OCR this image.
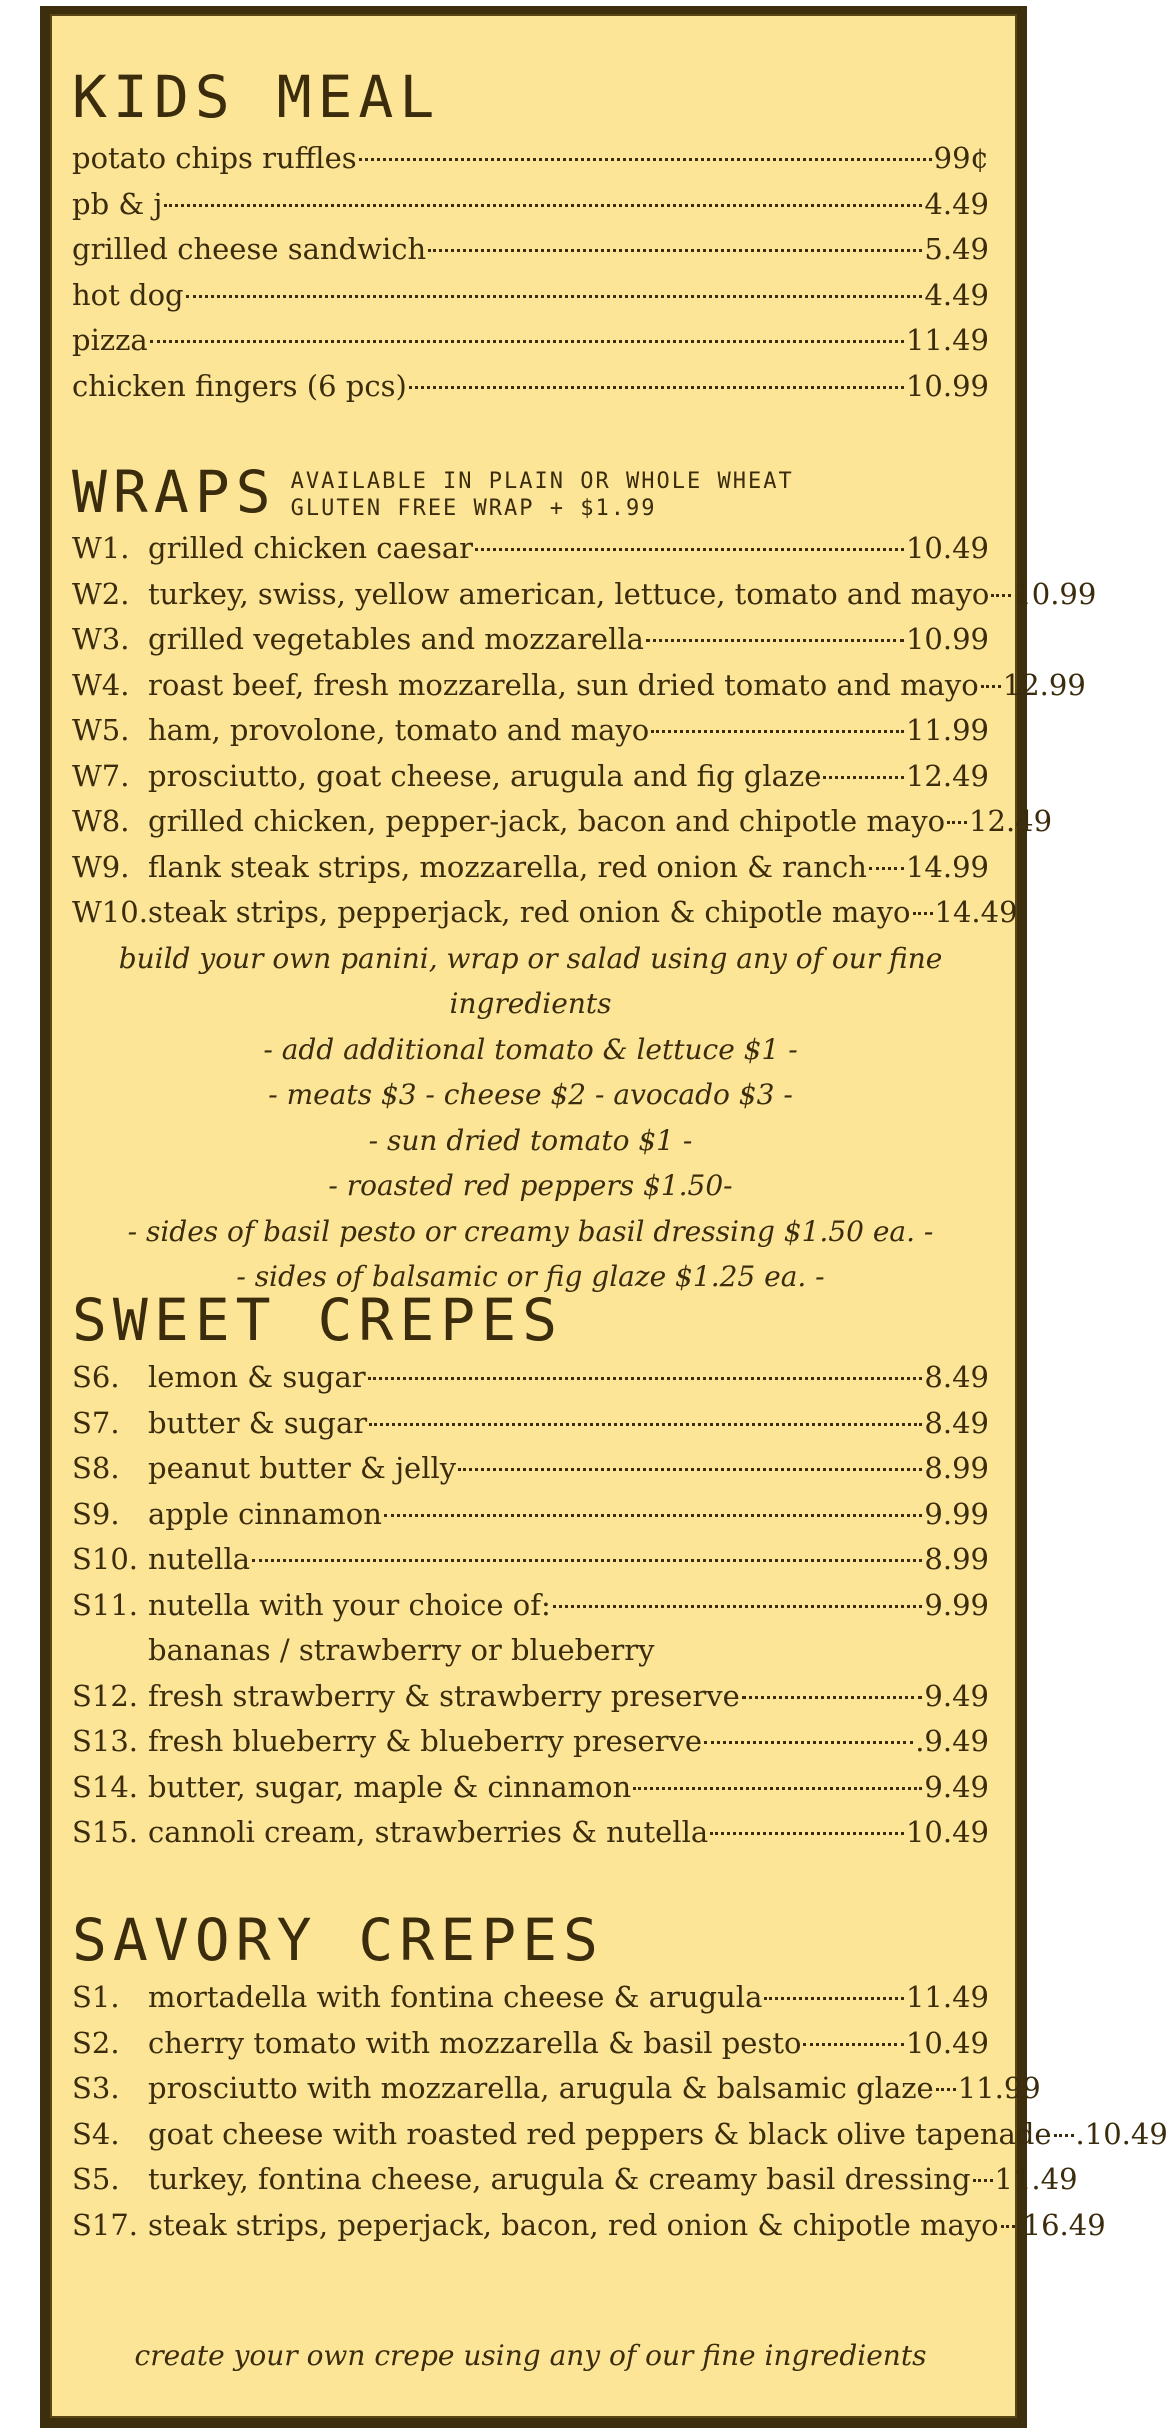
KIDS MEAL
potato chips ruffles	99¢
pb & j	4.49
grilled cheese sandwich	5.49
hot dog	4.49
pizza	11.49
chicken fingers (6 pcs)	10.99
WRAPS AVAILABLE IN PLAIN OR WHOLE WHEAT
GLUTEN FREE WRAP + $1.99
W1. grilled chicken caesar	10.49
W2. turkey, swiss, yellow american, lettuce, tomato and mayo 10.99
W3. grilled vegetables and mozzarella	10.99
W4. roast beef, fresh mozzarella, sun dried tomato and mayo 12.99
W5. ham, provolone, tomato and mayo	11.99
W7. prosciutto, goat cheese, arugula and fig glaze	12.49
W8. grilled chicken, pepper-jack, bacon and chipotle mayo 12.49
W9. flank steak strips, mozzarella, red onion & ranch 14.99
W10. steak strips, pepperjack, red onion & chipotle mayo 14.49
build your own panini, wrap or salad using any of our fine ingredients
- add additional tomato & lettuce $1 -
- meats $3 - cheese $2 - avocado $3 -
- sun dried tomato $1 -
- roasted red peppers $1.50-
- sides of basil pesto or creamy basil dressing $1.50 ea. -
- sides of balsamic or fig glaze $1.25 ea. -
SWEET CREPES
S6. lemon & sugar	8.49
S7. butter & sugar	8.49
S8. peanut butter & jelly	8.99
S9. apple cinnamon	9.99
S10. nutella	8.99
S11. nutella with your choice of:	9.99
bananas / strawberry or blueberry
S12. fresh strawberry & strawberry preserve	9.49
S13. fresh blueberry & blueberry preserve	.9.49
S14. butter, sugar, maple & cinnamon	9.49
S15. cannoli cream, strawberries & nutella	10.49
SAVORY CREPES
S1. mortadella with fontina cheese & arugula	11.49
S2. cherry tomato with mozzarella & basil pesto	10.49
S3. prosciutto with mozzarella, arugula & balsamic glaze 11.99
S4. goat cheese with roasted red peppers & black olive tapenade .10.49
S5. turkey, fontina cheese, arugula & creamy basil dressing 11.49
S17. steak strips, peperjack, bacon, red onion & chipotle mayo 16.49
create your own crepe using any of our fine ingredients
